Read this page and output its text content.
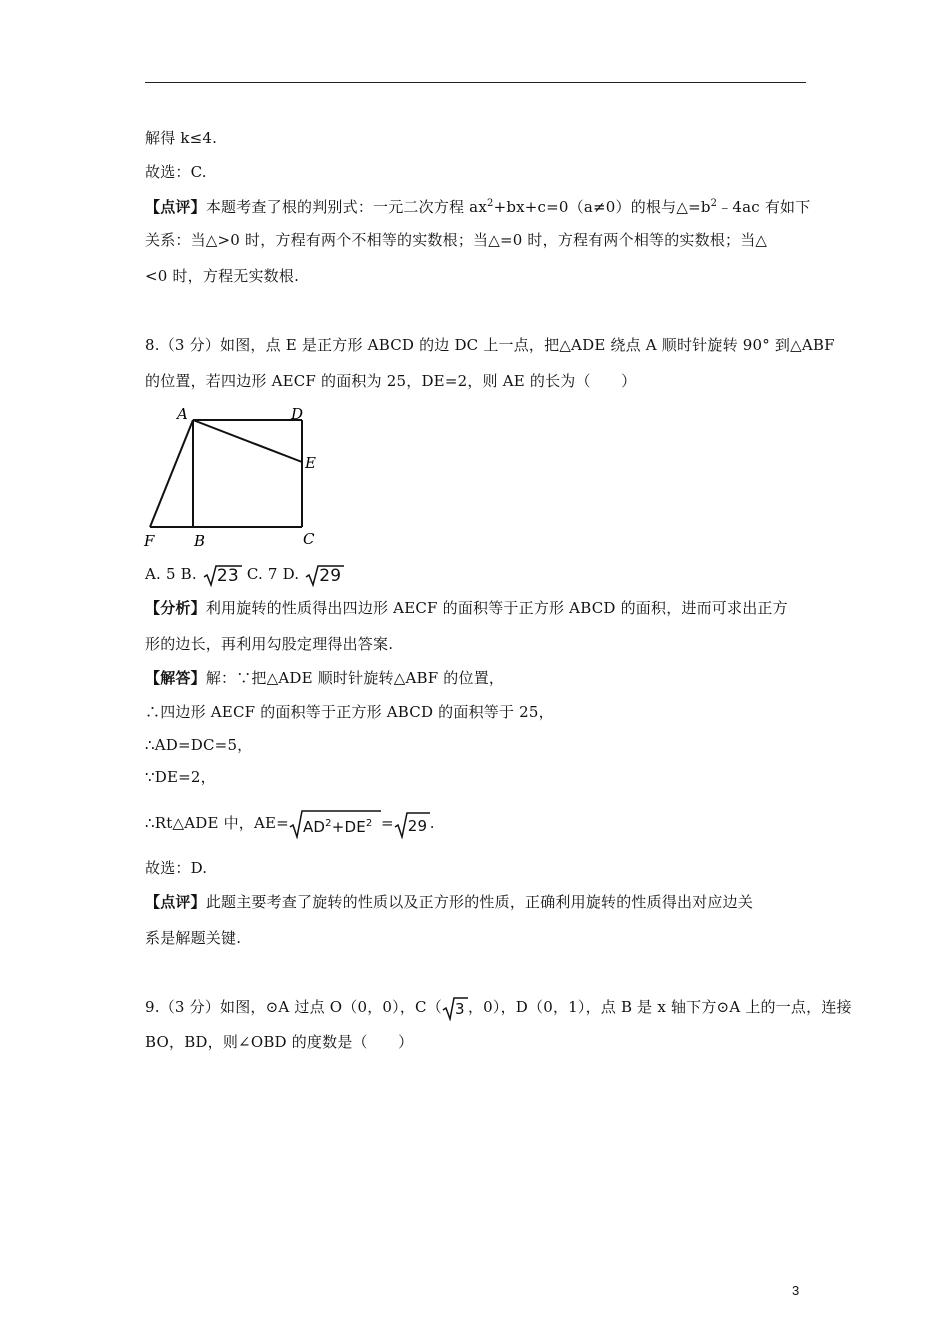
解得 k≤4.
故选：C.
【点评】本题考查了根的判别式：一元二次方程 $ax^2+bx+c=0(a\ne 0)$的根与$\triangle=b^2﹣4ac$ 有如下
关系：当△>0 时，方程有两个不相等的实数根；当△=0 时，方程有两个相等的实数根；当△
<0 时，方程无实数根.
8.（3 分）如图，点 E 是正方形 ABCD 的边 DC 上一点，把△ADE 绕点 A 顺时针旋转 90° 到△ABF
的位置，若四边形 AECF 的面积为 25，DE=2，则 AE 的长为（　　）
A	D
E
F	B	C
A. 5 B. 23 C. 7 D. 29
【分析】利用旋转的性质得出四边形 AECF 的面积等于正方形 ABCD 的面积，进而可求出正方
形的边长，再利用勾股定理得出答案.
【解答】解：∵把△ADE 顺时针旋转△ABF 的位置，
∴四边形 AECF 的面积等于正方形 ABCD 的面积等于 25，
∴AD=DC=5，
∵DE=2，
∴Rt△ADE 中，$AE= AD^2+DE^2 = 29$ .
故选：D.
【点评】此题主要考查了旋转的性质以及正方形的性质，正确利用旋转的性质得出对应边关
系是解题关键.
9.（3 分）如图，⊙A 过点 O（0，0），C（ 3 ，0），D（0，1），点 B 是 x 轴下方⊙A 上的一点，连接
BO，BD，则∠OBD 的度数是（　　）
3
